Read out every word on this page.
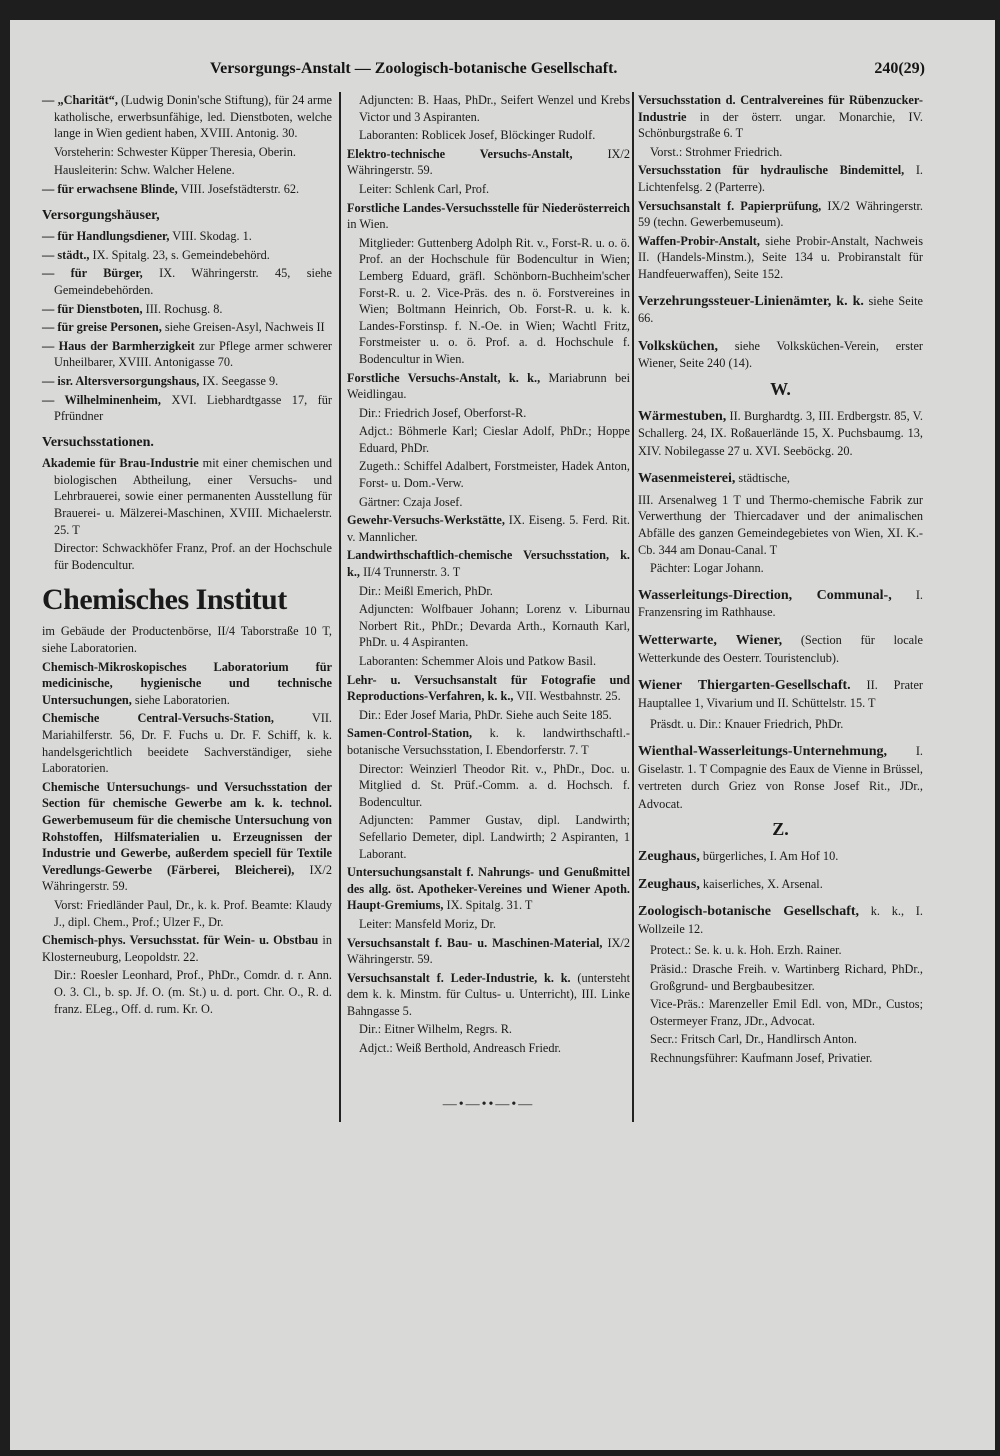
Versorgungs-Anstalt — Zoologisch-botanische Gesellschaft.	240(29)
— „Charität“, (Ludwig Donin'sche Stiftung), für 24 arme katholische, erwerbsunfähige, led. Dienstboten, welche lange in Wien gedient haben, XVIII. Antonig. 30.
Vorsteherin: Schwester Küpper Theresia, Oberin.
Hausleiterin: Schw. Walcher Helene.
— für erwachsene Blinde, VIII. Josefstädterstr. 62.
Versorgungshäuser,
— für Handlungsdiener, VIII. Skodag. 1.
— städt., IX. Spitalg. 23, s. Gemeindebehörd.
— für Bürger, IX. Währingerstr. 45, siehe Gemeindebehörden.
— für Dienstboten, III. Rochusg. 8.
— für greise Personen, siehe Greisen-Asyl, Nachweis II
— Haus der Barmherzigkeit zur Pflege armer schwerer Unheilbarer, XVIII. Antonigasse 70.
— isr. Altersversorgungshaus, IX. Seegasse 9.
— Wilhelminenheim, XVI. Liebhardtgasse 17, für Pfründner
Versuchsstationen.
Akademie für Brau-Industrie mit einer chemischen und biologischen Abtheilung, einer Versuchs- und Lehrbrauerei, sowie einer permanenten Ausstellung für Brauerei- u. Mälzerei-Maschinen, XVIII. Michaelerstr. 25. T
Director: Schwackhöfer Franz, Prof. an der Hochschule für Bodencultur.
Chemisches Institut
im Gebäude der Productenbörse, II/4 Taborstraße 10 T, siehe Laboratorien.
Chemisch-Mikroskopisches Laboratorium für medicinische, hygienische und technische Untersuchungen, siehe Laboratorien.
Chemische Central-Versuchs-Station, VII. Mariahilferstr. 56, Dr. F. Fuchs u. Dr. F. Schiff, k. k. handelsgerichtlich beeidete Sachverständiger, siehe Laboratorien.
Chemische Untersuchungs- und Versuchsstation der Section für chemische Gewerbe am k. k. technol. Gewerbemuseum für die chemische Untersuchung von Rohstoffen, Hilfsmaterialien u. Erzeugnissen der Industrie und Gewerbe, außerdem speciell für Textile Veredlungs-Gewerbe (Färberei, Bleicherei), IX/2 Währingerstr. 59.
Vorst: Friedländer Paul, Dr., k. k. Prof. Beamte: Klaudy J., dipl. Chem., Prof.; Ulzer F., Dr.
Chemisch-phys. Versuchsstat. für Wein- u. Obstbau in Klosterneuburg, Leopoldstr. 22.
Dir.: Roesler Leonhard, Prof., PhDr., Comdr. d. r. Ann. O. 3. Cl., b. sp. Jf. O. (m. St.) u. d. port. Chr. O., R. d. franz. ELeg., Off. d. rum. Kr. O.
Adjuncten: B. Haas, PhDr., Seifert Wenzel und Krebs Victor und 3 Aspiranten.
Laboranten: Roblicek Josef, Blöckinger Rudolf.
Elektro-technische Versuchs-Anstalt, IX/2 Währingerstr. 59.
Leiter: Schlenk Carl, Prof.
Forstliche Landes-Versuchsstelle für Niederösterreich in Wien.
Mitglieder: Guttenberg Adolph Rit. v., Forst-R. u. o. ö. Prof. an der Hochschule für Bodencultur in Wien; Lemberg Eduard, gräfl. Schönborn-Buchheim'scher Forst-R. u. 2. Vice-Präs. des n. ö. Forstvereines in Wien; Boltmann Heinrich, Ob. Forst-R. u. k. k. Landes-Forstinsp. f. N.-Oe. in Wien; Wachtl Fritz, Forstmeister u. o. ö. Prof. a. d. Hochschule f. Bodencultur in Wien.
Forstliche Versuchs-Anstalt, k. k., Mariabrunn bei Weidlingau.
Dir.: Friedrich Josef, Oberforst-R.
Adjct.: Böhmerle Karl; Cieslar Adolf, PhDr.; Hoppe Eduard, PhDr.
Zugeth.: Schiffel Adalbert, Forstmeister, Hadek Anton, Forst- u. Dom.-Verw.
Gärtner: Czaja Josef.
Gewehr-Versuchs-Werkstätte, IX. Eiseng. 5. Ferd. Rit. v. Mannlicher.
Landwirthschaftlich-chemische Versuchsstation, k. k., II/4 Trunnerstr. 3. T
Dir.: Meißl Emerich, PhDr.
Adjuncten: Wolfbauer Johann; Lorenz v. Liburnau Norbert Rit., PhDr.; Devarda Arth., Kornauth Karl, PhDr. u. 4 Aspiranten.
Laboranten: Schemmer Alois und Patkow Basil.
Lehr- u. Versuchsanstalt für Fotografie und Reproductions-Verfahren, k. k., VII. Westbahnstr. 25.
Dir.: Eder Josef Maria, PhDr. Siehe auch Seite 185.
Samen-Control-Station, k. k. landwirthschaftl.-botanische Versuchsstation, I. Ebendorferstr. 7. T
Director: Weinzierl Theodor Rit. v., PhDr., Doc. u. Mitglied d. St. Prüf.-Comm. a. d. Hochsch. f. Bodencultur.
Adjuncten: Pammer Gustav, dipl. Landwirth; Sefellario Demeter, dipl. Landwirth; 2 Aspiranten, 1 Laborant.
Untersuchungsanstalt f. Nahrungs- und Genußmittel des allg. öst. Apotheker-Vereines und Wiener Apoth. Haupt-Gremiums, IX. Spitalg. 31. T
Leiter: Mansfeld Moriz, Dr.
Versuchsanstalt f. Bau- u. Maschinen-Material, IX/2 Währingerstr. 59.
Versuchsanstalt f. Leder-Industrie, k. k. (untersteht dem k. k. Minstm. für Cultus- u. Unterricht), III. Linke Bahngasse 5.
Dir.: Eitner Wilhelm, Regrs. R.
Adjct.: Weiß Berthold, Andreasch Friedr.
—•—••—•—
Versuchsstation d. Centralvereines für Rübenzucker-Industrie in der österr. ungar. Monarchie, IV. Schönburgstraße 6. T
Vorst.: Strohmer Friedrich.
Versuchsstation für hydraulische Bindemittel, I. Lichtenfelsg. 2 (Parterre).
Versuchsanstalt f. Papierprüfung, IX/2 Währingerstr. 59 (techn. Gewerbemuseum).
Waffen-Probir-Anstalt, siehe Probir-Anstalt, Nachweis II. (Handels-Minstm.), Seite 134 u. Probiranstalt für Handfeuerwaffen), Seite 152.
Verzehrungssteuer-Linienämter, k. k. siehe Seite 66.
Volksküchen, siehe Volksküchen-Verein, erster Wiener, Seite 240 (14).
W.
Wärmestuben, II. Burghardtg. 3, III. Erdbergstr. 85, V. Schallerg. 24, IX. Roßauerlände 15, X. Puchsbaumg. 13, XIV. Nobilegasse 27 u. XVI. Seeböckg. 20.
Wasenmeisterei, städtische,
III. Arsenalweg 1 T und Thermo-chemische Fabrik zur Verwerthung der Thiercadaver und der animalischen Abfälle des ganzen Gemeindegebietes von Wien, XI. K.-Cb. 344 am Donau-Canal. T
Pächter: Logar Johann.
Wasserleitungs-Direction, Communal-, I. Franzensring im Rathhause.
Wetterwarte, Wiener, (Section für locale Wetterkunde des Oesterr. Touristenclub).
Wiener Thiergarten-Gesellschaft. II. Prater Hauptallee 1, Vivarium und II. Schüttelstr. 15. T
Präsdt. u. Dir.: Knauer Friedrich, PhDr.
Wienthal-Wasserleitungs-Unternehmung, I. Giselastr. 1. T Compagnie des Eaux de Vienne in Brüssel, vertreten durch Griez von Ronse Josef Rit., JDr., Advocat.
Z.
Zeughaus, bürgerliches, I. Am Hof 10.
Zeughaus, kaiserliches, X. Arsenal.
Zoologisch-botanische Gesellschaft, k. k., I. Wollzeile 12.
Protect.: Se. k. u. k. Hoh. Erzh. Rainer.
Präsid.: Drasche Freih. v. Wartinberg Richard, PhDr., Großgrund- und Bergbaubesitzer.
Vice-Präs.: Marenzeller Emil Edl. von, MDr., Custos; Ostermeyer Franz, JDr., Advocat.
Secr.: Fritsch Carl, Dr., Handlirsch Anton.
Rechnungsführer: Kaufmann Josef, Privatier.
